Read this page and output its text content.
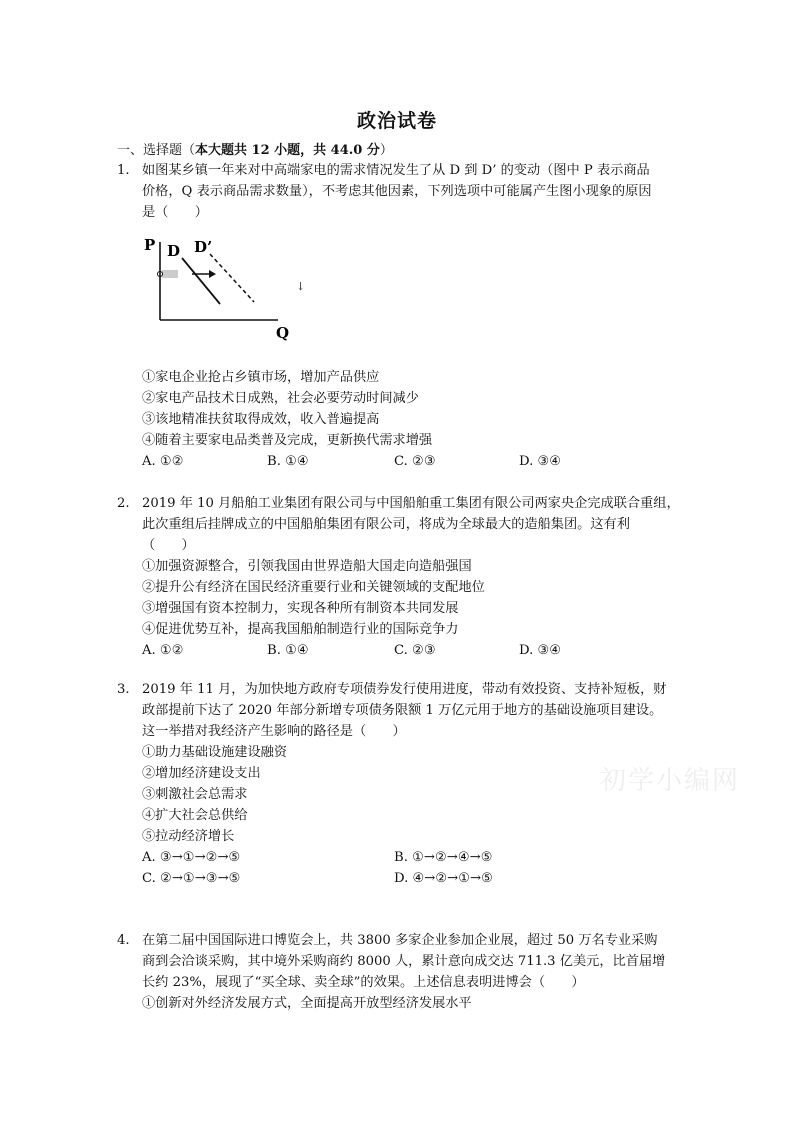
政治试卷
一、选择题（本大题共 12 小题，共 44.0 分）
1. 如图某乡镇一年来对中高端家电的需求情况发生了从 D 到 D’ 的变动（图中 P 表示商品
价格，Q 表示商品需求数量），不考虑其他因素，下列选项中可能属产生图小现象的原因
是（　　）
P D D’
Q
↓
①家电企业抢占乡镇市场，增加产品供应
②家电产品技术日成熟，社会必要劳动时间减少
③该地精准扶贫取得成效，收入普遍提高
④随着主要家电品类普及完成，更新换代需求增强
A. ①②	B. ①④	C. ②③	D. ③④
2. 2019 年 10 月船舶工业集团有限公司与中国船舶重工集团有限公司两家央企完成联合重组，
此次重组后挂牌成立的中国船舶集团有限公司，将成为全球最大的造船集团。这有利
（　　）
①加强资源整合，引领我国由世界造船大国走向造船强国
②提升公有经济在国民经济重要行业和关键领域的支配地位
③增强国有资本控制力，实现各种所有制资本共同发展
④促进优势互补，提高我国船舶制造行业的国际竞争力
A. ①②	B. ①④	C. ②③	D. ③④
3. 2019 年 11 月，为加快地方政府专项债券发行使用进度，带动有效投资、支持补短板，财
政部提前下达了 2020 年部分新增专项债务限额 1 万亿元用于地方的基础设施项目建设。
这一举措对我经济产生影响的路径是（　　）
①助力基础设施建设融资
②增加经济建设支出
③刺激社会总需求
④扩大社会总供给
⑤拉动经济增长
A. ③→①→②→⑤	B. ①→②→④→⑤
C. ②→①→③→⑤	D. ④→②→①→⑤
初学小编网
4. 在第二届中国国际进口博览会上，共 3800 多家企业参加企业展，超过 50 万名专业采购
商到会洽谈采购，其中境外采购商约 8000 人，累计意向成交达 711.3 亿美元，比首届增
长约 23%，展现了“买全球、卖全球”的效果。上述信息表明进博会（　　）
①创新对外经济发展方式，全面提高开放型经济发展水平
